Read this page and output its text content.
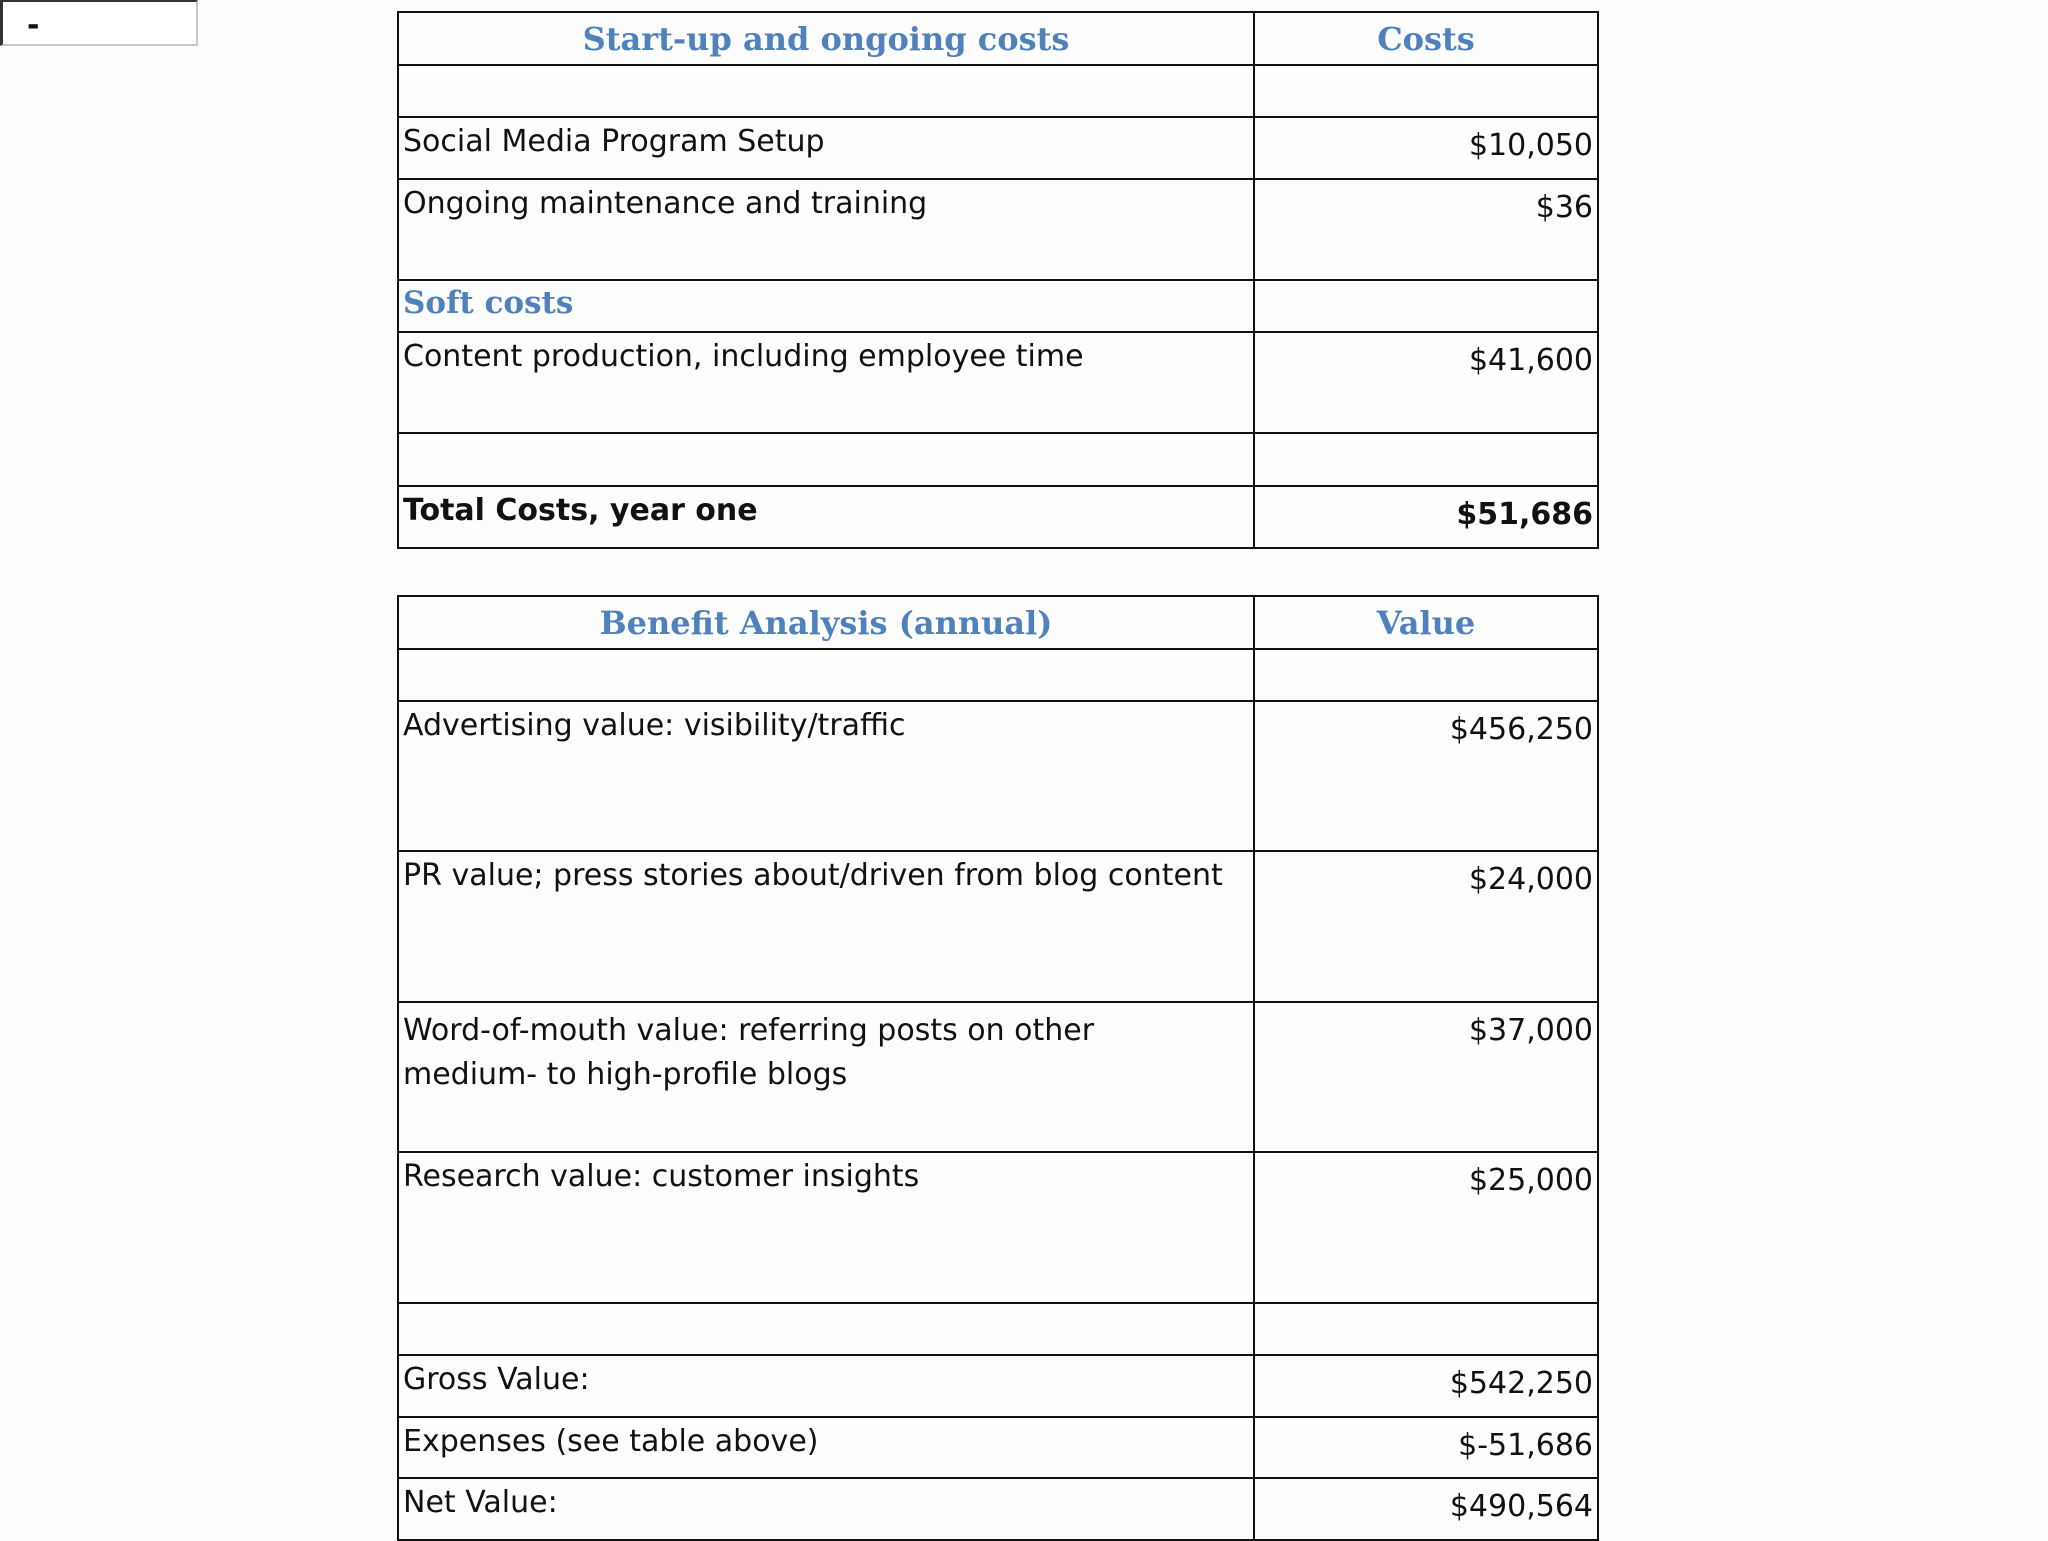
-	Start-up and ongoing costs	Costs

Social Media Program Setup	$10,050
Ongoing maintenance and training	$36
Soft costs	
Content production, including employee time	$41,600

Total Costs, year one	$51,686
Benefit Analysis (annual)	Value

Advertising value: visibility/traffic	$456,250
PR value; press stories about/driven from blog content	$24,000

Word-of-mouth value: referring posts on other
medium- to high-profile blogs	$37,000
Research value: customer insights	$25,000

Gross Value:	$542,250
Expenses (see table above)	$-51,686
Net Value:	$490,564
